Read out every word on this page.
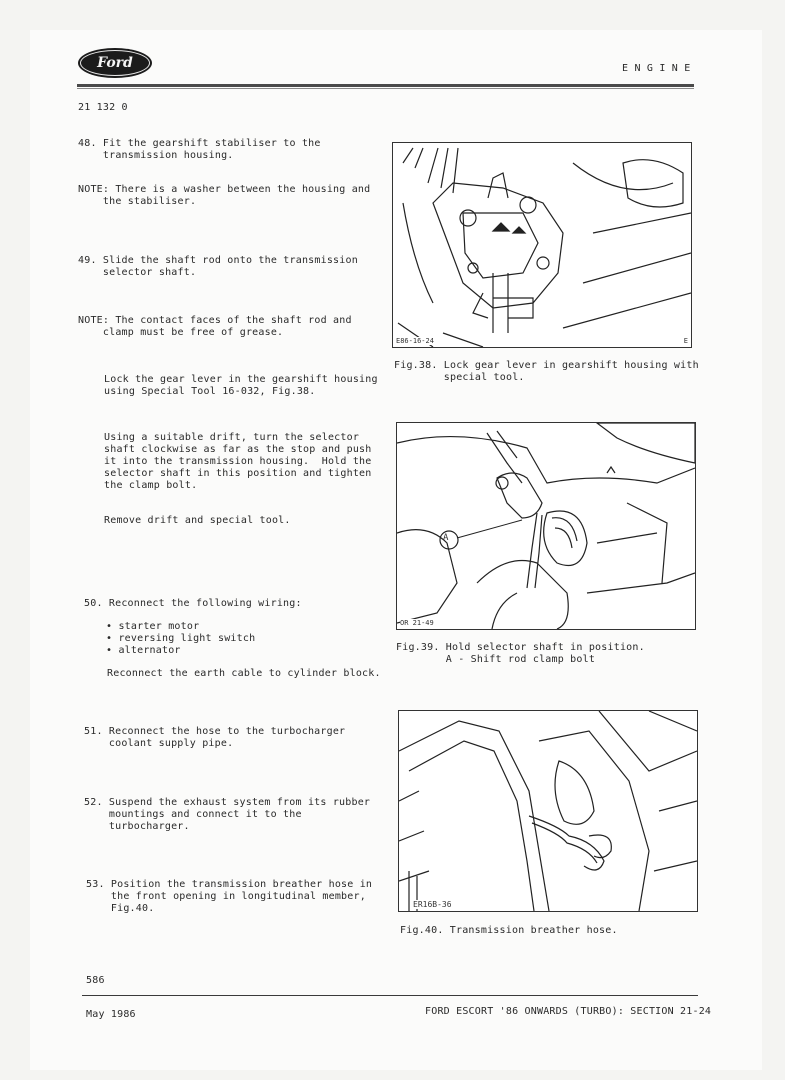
Ford	E N G I N E
21 132 0
48. Fit the gearshift stabiliser to the
transmission housing.
NOTE: There is a washer between the housing and
the stabiliser.
49. Slide the shaft rod onto the transmission
selector shaft.
NOTE: The contact faces of the shaft rod and
clamp must be free of grease.
Lock the gear lever in the gearshift housing
using Special Tool 16-032, Fig.38.
Using a suitable drift, turn the selector
shaft clockwise as far as the stop and push
it into the transmission housing.  Hold the
selector shaft in this position and tighten
the clamp bolt.
Remove drift and special tool.
50. Reconnect the following wiring:
• starter motor
• reversing light switch
• alternator
Reconnect the earth cable to cylinder block.
51. Reconnect the hose to the turbocharger
coolant supply pipe.
52. Suspend the exhaust system from its rubber
mountings and connect it to the
turbocharger.
53. Position the transmission breather hose in
the front opening in longitudinal member,
Fig.40.
E86-16-24	E
Fig.38. Lock gear lever in gearshift housing with
special tool.
A
OR 21-49
Fig.39. Hold selector shaft in position.
A - Shift rod clamp bolt
ER16B-36
Fig.40. Transmission breather hose.
586
May 1986	FORD ESCORT '86 ONWARDS (TURBO): SECTION 21-24
